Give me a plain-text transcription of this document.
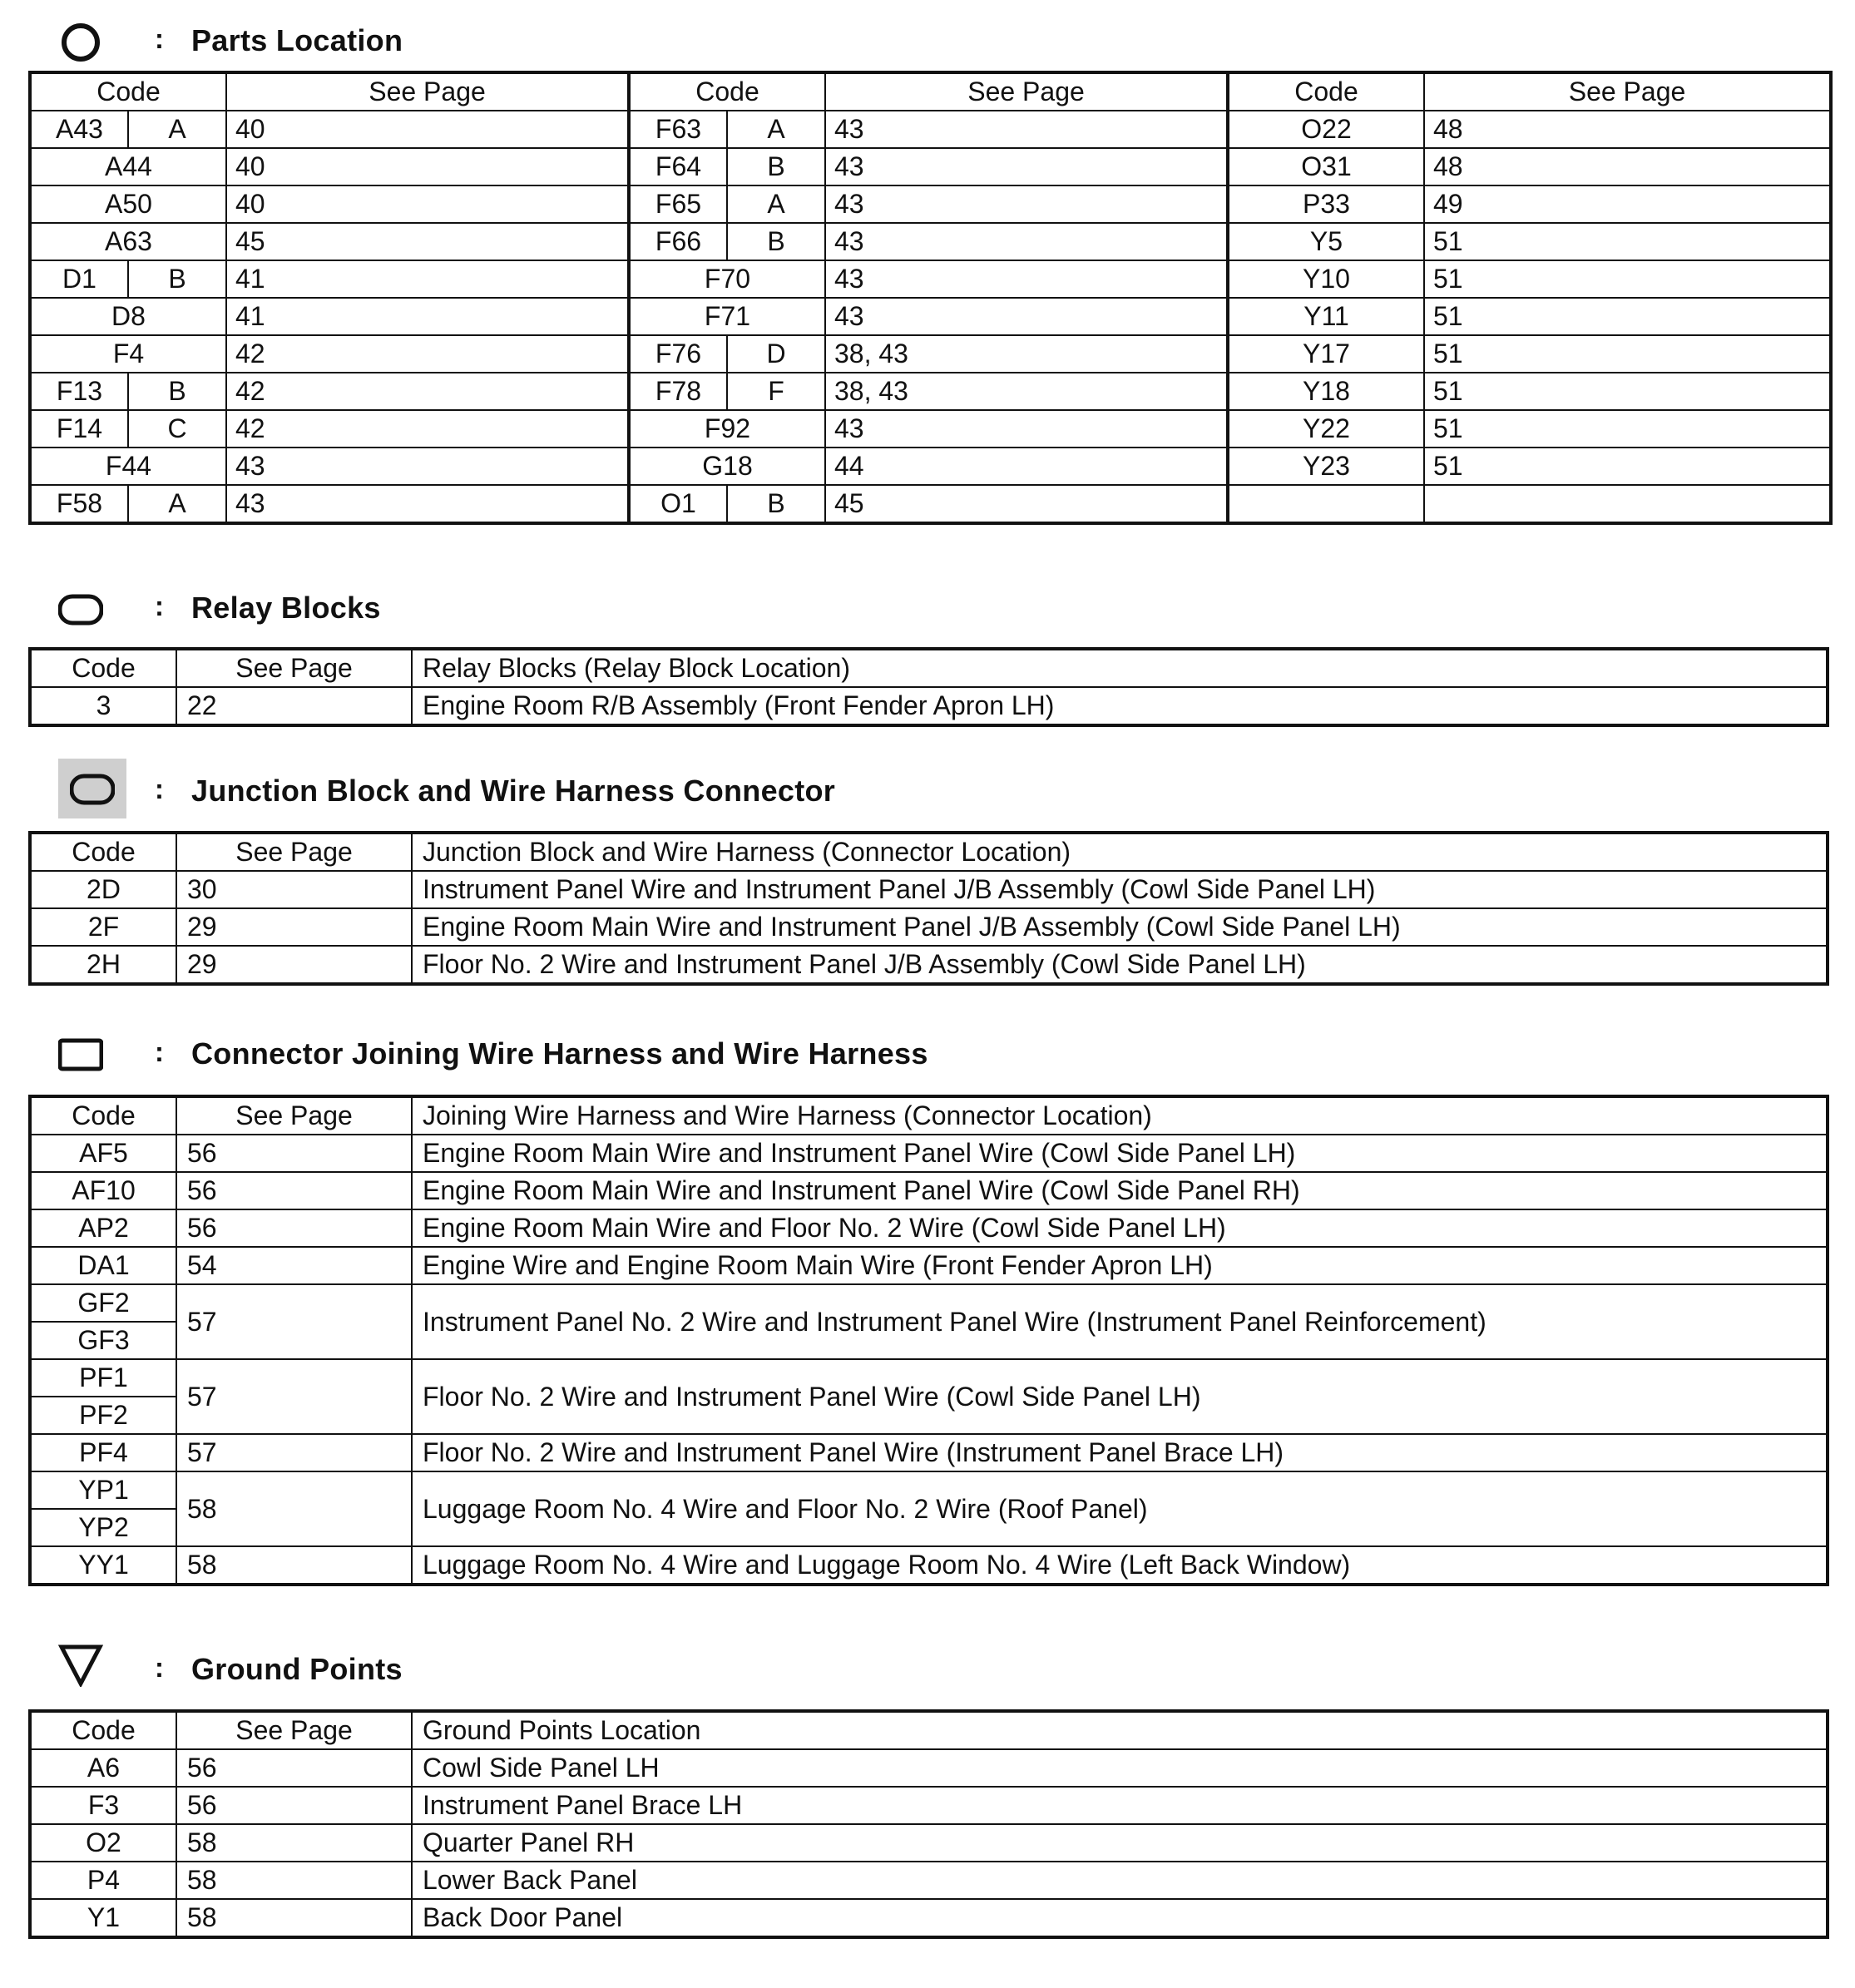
: Parts Location
Code		See Page	Code		See Page	Code	See Page
A43	A	40	F63	A	43	O22	48
A44		40	F64	B	43	O31	48
A50		40	F65	A	43	P33	49
A63		45	F66	B	43	Y5	51
D1	B	41	F70		43	Y10	51
D8		41	F71		43	Y11	51
F4		42	F76	D	38, 43	Y17	51
F13	B	42	F78	F	38, 43	Y18	51
F14	C	42	F92		43	Y22	51
F44		43	G18		44	Y23	51
F58	A	43	O1	B	45		
: Relay Blocks
Code	See Page	Relay Blocks (Relay Block Location)
3	22	Engine Room R/B Assembly (Front Fender Apron LH)
: Junction Block and Wire Harness Connector
Code	See Page	Junction Block and Wire Harness (Connector Location)
2D	30	Instrument Panel Wire and Instrument Panel J/B Assembly (Cowl Side Panel LH)
2F	29	Engine Room Main Wire and Instrument Panel J/B Assembly (Cowl Side Panel LH)
2H	29	Floor No. 2 Wire and Instrument Panel J/B Assembly (Cowl Side Panel LH)
: Connector Joining Wire Harness and Wire Harness
Code	See Page	Joining Wire Harness and Wire Harness (Connector Location)
AF5	56	Engine Room Main Wire and Instrument Panel Wire (Cowl Side Panel LH)
AF10	56	Engine Room Main Wire and Instrument Panel Wire (Cowl Side Panel RH)
AP2	56	Engine Room Main Wire and Floor No. 2 Wire (Cowl Side Panel LH)
DA1	54	Engine Wire and Engine Room Main Wire (Front Fender Apron LH)
GF2	57	Instrument Panel No. 2 Wire and Instrument Panel Wire (Instrument Panel Reinforcement)
GF3		
PF1	57	Floor No. 2 Wire and Instrument Panel Wire (Cowl Side Panel LH)
PF2		
PF4	57	Floor No. 2 Wire and Instrument Panel Wire (Instrument Panel Brace LH)
YP1	58	Luggage Room No. 4 Wire and Floor No. 2 Wire (Roof Panel)
YP2		
YY1	58	Luggage Room No. 4 Wire and Luggage Room No. 4 Wire (Left Back Window)
: Ground Points
Code	See Page	Ground Points Location
A6	56	Cowl Side Panel LH
F3	56	Instrument Panel Brace LH
O2	58	Quarter Panel RH
P4	58	Lower Back Panel
Y1	58	Back Door Panel
